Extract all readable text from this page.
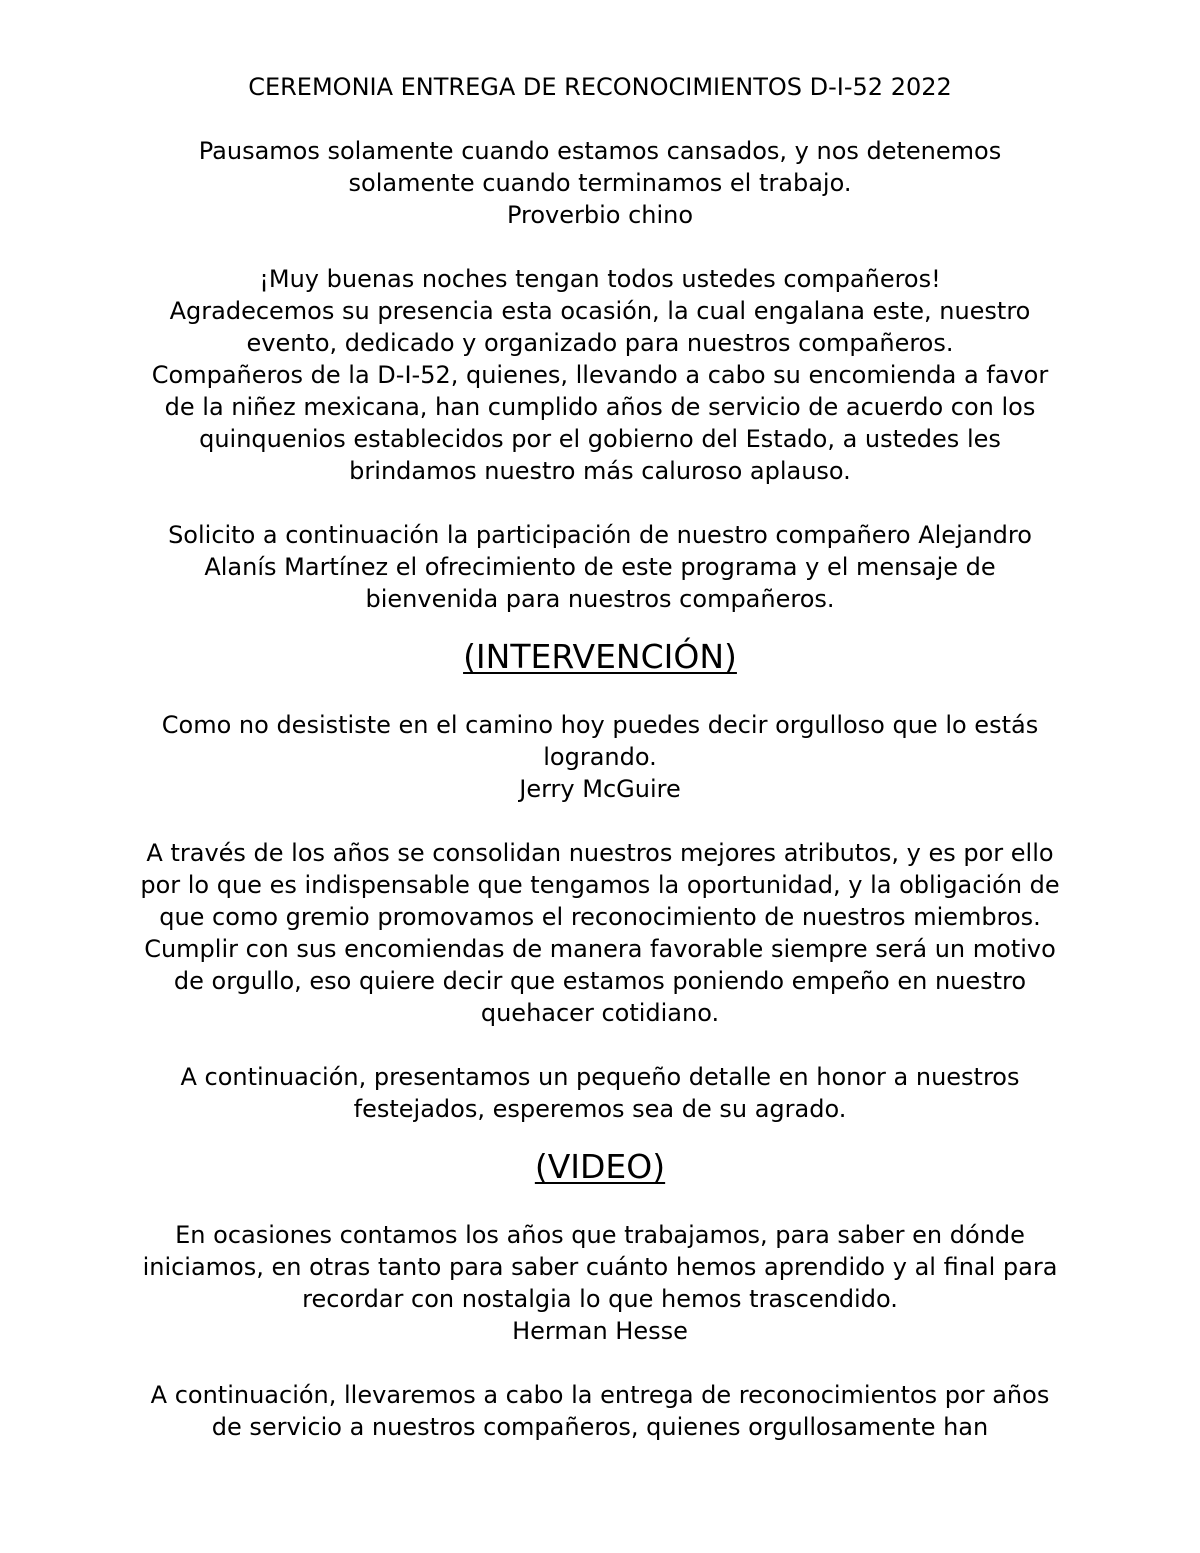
CEREMONIA ENTREGA DE RECONOCIMIENTOS D-I-52 2022
Pausamos solamente cuando estamos cansados, y nos detenemos
solamente cuando terminamos el trabajo.
Proverbio chino
¡Muy buenas noches tengan todos ustedes compañeros!
Agradecemos su presencia esta ocasión, la cual engalana este, nuestro
evento, dedicado y organizado para nuestros compañeros.
Compañeros de la D-I-52, quienes, llevando a cabo su encomienda a favor
de la niñez mexicana, han cumplido años de servicio de acuerdo con los
quinquenios establecidos por el gobierno del Estado, a ustedes les
brindamos nuestro más caluroso aplauso.
Solicito a continuación la participación de nuestro compañero Alejandro
Alanís Martínez el ofrecimiento de este programa y el mensaje de
bienvenida para nuestros compañeros.
(INTERVENCIÓN)
Como no desististe en el camino hoy puedes decir orgulloso que lo estás
logrando.
Jerry McGuire
A través de los años se consolidan nuestros mejores atributos, y es por ello
por lo que es indispensable que tengamos la oportunidad, y la obligación de
que como gremio promovamos el reconocimiento de nuestros miembros.
Cumplir con sus encomiendas de manera favorable siempre será un motivo
de orgullo, eso quiere decir que estamos poniendo empeño en nuestro
quehacer cotidiano.
A continuación, presentamos un pequeño detalle en honor a nuestros
festejados, esperemos sea de su agrado.
(VIDEO)
En ocasiones contamos los años que trabajamos, para saber en dónde
iniciamos, en otras tanto para saber cuánto hemos aprendido y al final para
recordar con nostalgia lo que hemos trascendido.
Herman Hesse
A continuación, llevaremos a cabo la entrega de reconocimientos por años
de servicio a nuestros compañeros, quienes orgullosamente han
